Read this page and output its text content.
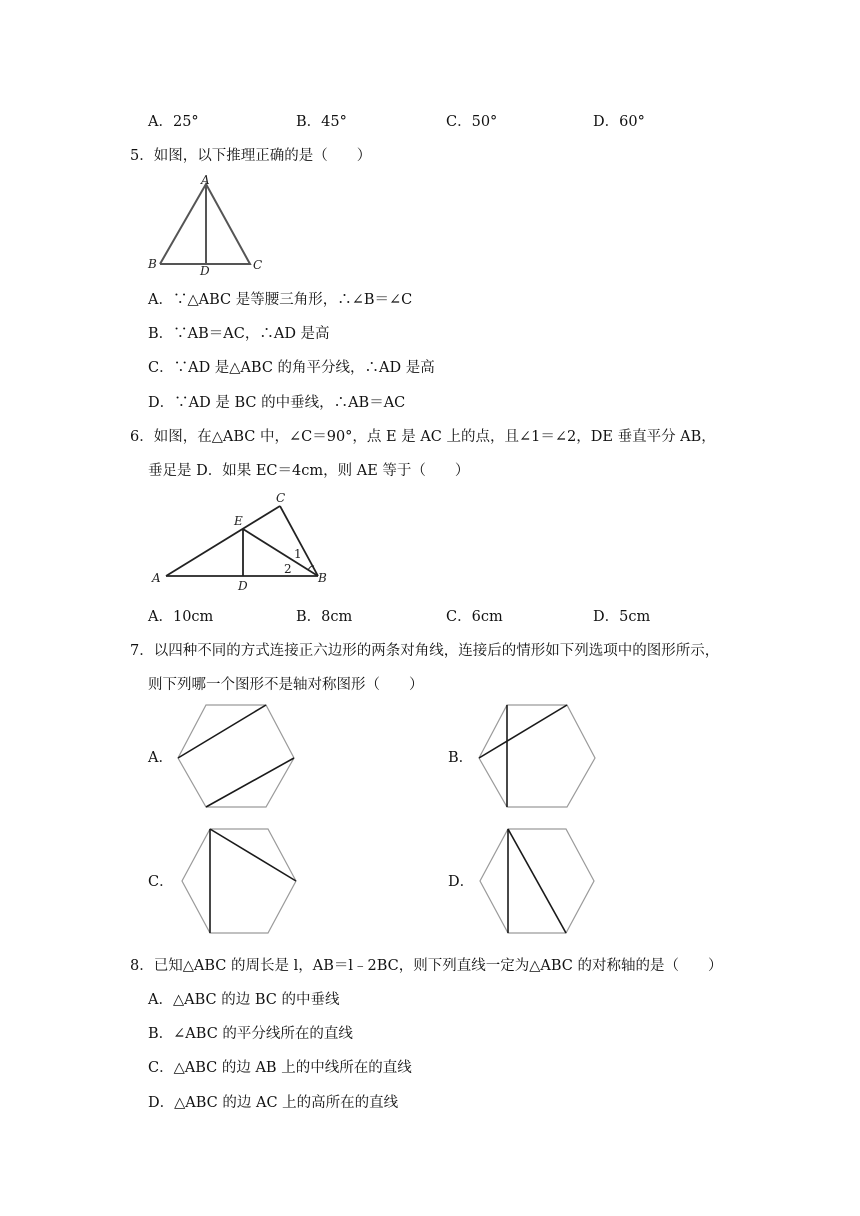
A．25°	B．45°	C．50°	D．60°
5．如图，以下推理正确的是（　　）
A
B	D	C
A．∵△ABC 是等腰三角形，∴∠B＝∠C
B．∵AB＝AC，∴AD 是高
C．∵AD 是△ABC 的角平分线，∴AD 是高
D．∵AD 是 BC 的中垂线，∴AB＝AC
6．如图，在△ABC 中，∠C＝90°，点 E 是 AC 上的点，且∠1＝∠2，DE 垂直平分 AB，
垂足是 D．如果 EC＝4cm，则 AE 等于（　　）
C
E
A
D
B
1
2
A．10cm	B．8cm	C．6cm	D．5cm
7．以四种不同的方式连接正六边形的两条对角线，连接后的情形如下列选项中的图形所示，
则下列哪一个图形不是轴对称图形（　　）
A．	B．
C．	D．
8．已知△ABC 的周长是 l，AB＝l﹣2BC，则下列直线一定为△ABC 的对称轴的是（　　）
A．△ABC 的边 BC 的中垂线
B．∠ABC 的平分线所在的直线
C．△ABC 的边 AB 上的中线所在的直线
D．△ABC 的边 AC 上的高所在的直线
